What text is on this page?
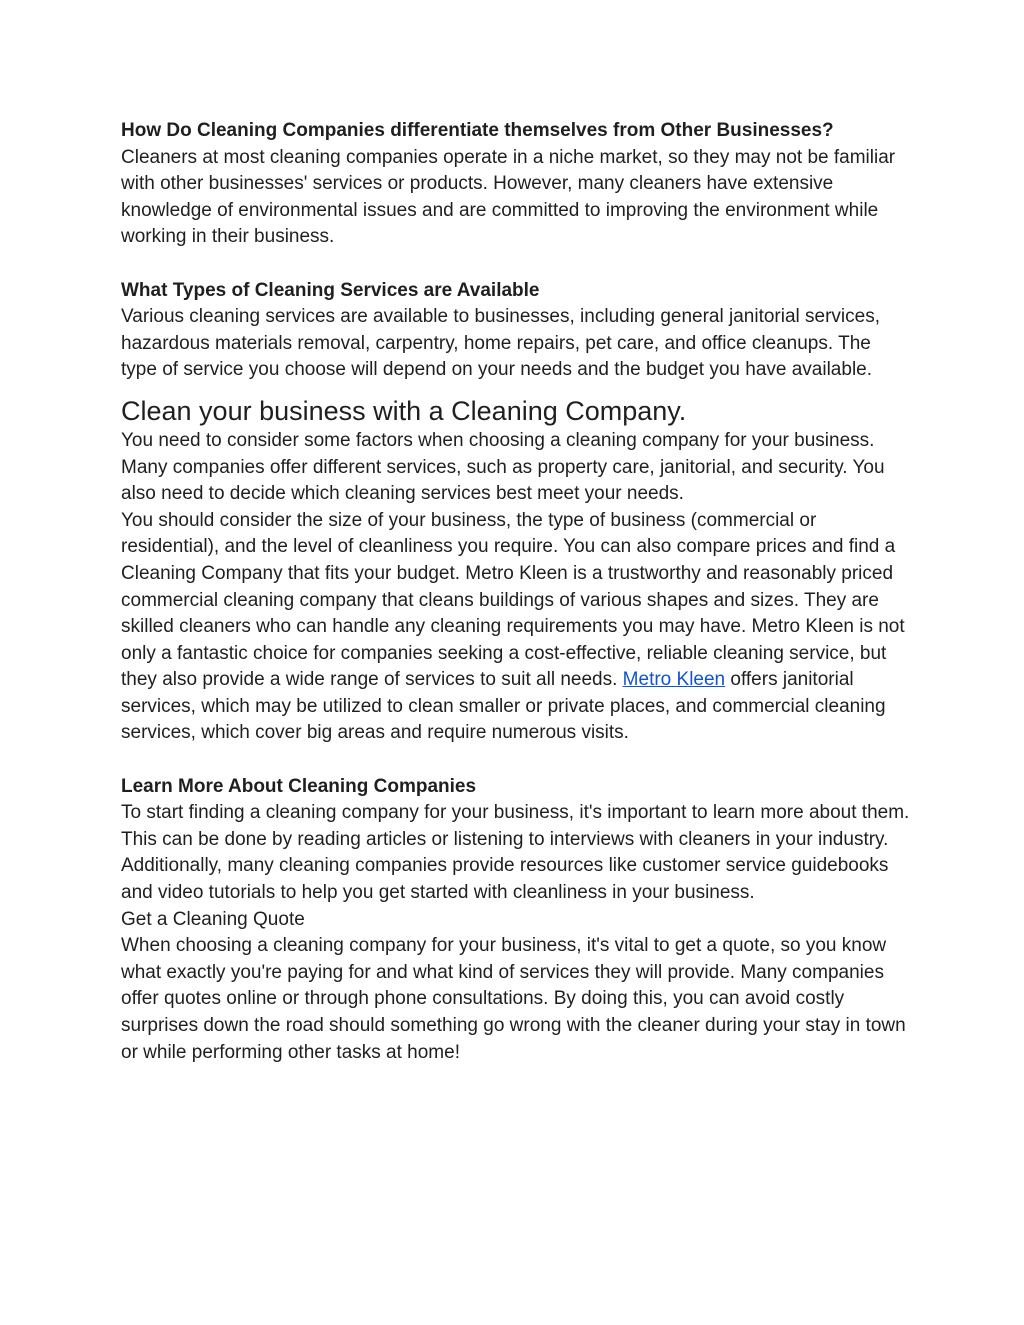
How Do Cleaning Companies differentiate themselves from Other Businesses?

Cleaners at most cleaning companies operate in a niche market, so they may not be familiar with other businesses' services or products. However, many cleaners have extensive knowledge of environmental issues and are committed to improving the environment while working in their business.

What Types of Cleaning Services are Available

Various cleaning services are available to businesses, including general janitorial services, hazardous materials removal, carpentry, home repairs, pet care, and office cleanups. The type of service you choose will depend on your needs and the budget you have available.

Clean your business with a Cleaning Company.

You need to consider some factors when choosing a cleaning company for your business. Many companies offer different services, such as property care, janitorial, and security. You also need to decide which cleaning services best meet your needs.

You should consider the size of your business, the type of business (commercial or residential), and the level of cleanliness you require. You can also compare prices and find a Cleaning Company that fits your budget. Metro Kleen is a trustworthy and reasonably priced commercial cleaning company that cleans buildings of various shapes and sizes. They are skilled cleaners who can handle any cleaning requirements you may have. Metro Kleen is not only a fantastic choice for companies seeking a cost-effective, reliable cleaning service, but they also provide a wide range of services to suit all needs. Metro Kleen offers janitorial services, which may be utilized to clean smaller or private places, and commercial cleaning services, which cover big areas and require numerous visits.

Learn More About Cleaning Companies

To start finding a cleaning company for your business, it's important to learn more about them. This can be done by reading articles or listening to interviews with cleaners in your industry. Additionally, many cleaning companies provide resources like customer service guidebooks and video tutorials to help you get started with cleanliness in your business.

Get a Cleaning Quote

When choosing a cleaning company for your business, it's vital to get a quote, so you know what exactly you're paying for and what kind of services they will provide. Many companies offer quotes online or through phone consultations. By doing this, you can avoid costly surprises down the road should something go wrong with the cleaner during your stay in town or while performing other tasks at home!
